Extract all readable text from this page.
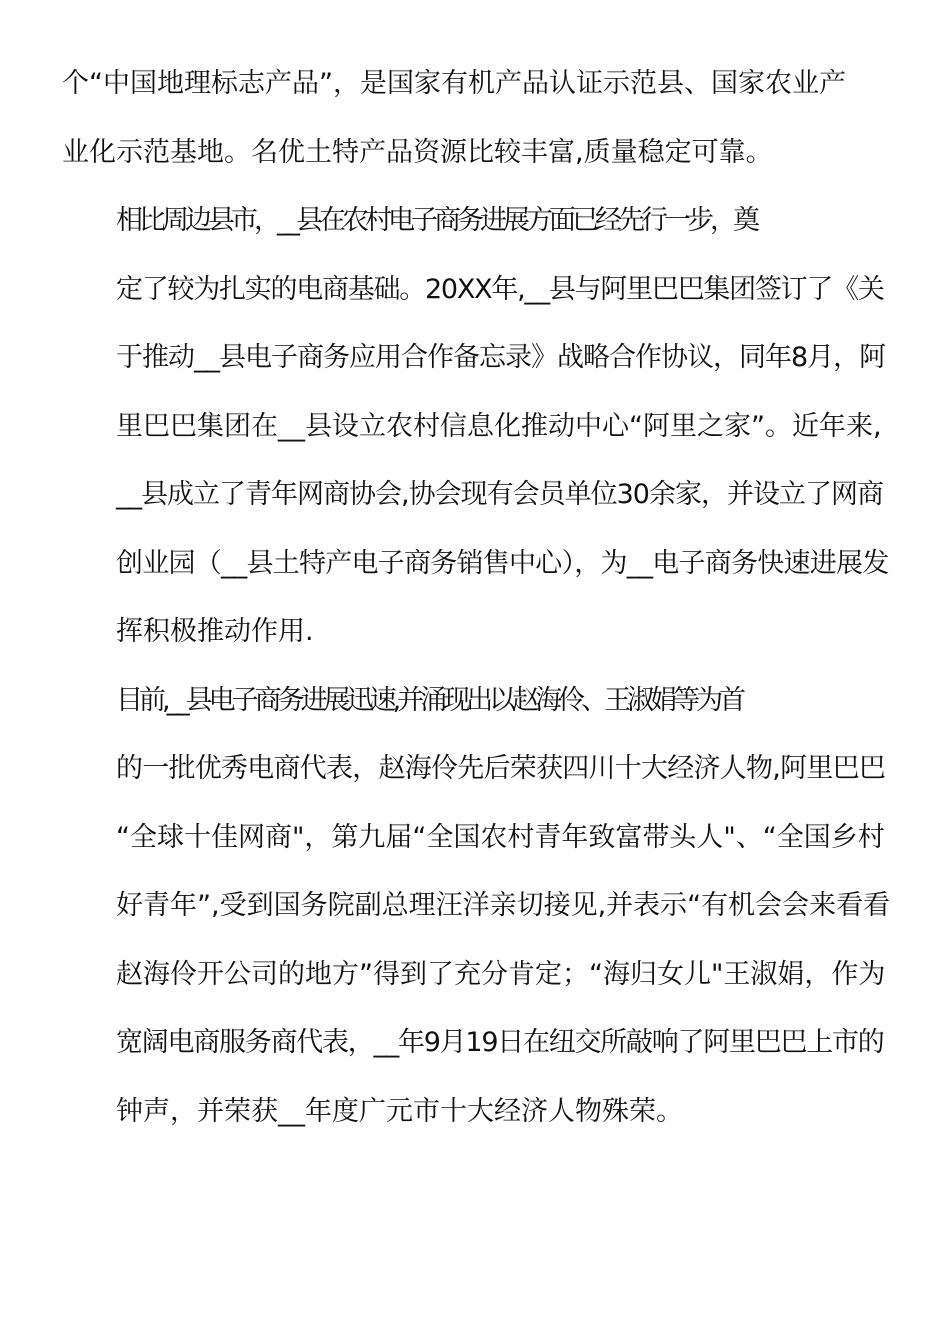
个“中国地理标志产品”，是国家有机产品认证示范县、国家农业产
业化示范基地。名优土特产品资源比较丰富,质量稳定可靠。

相比周边县市，__县在农村电子商务进展方面已经先行一步，奠
定了较为扎实的电商基础。20XX年,__县与阿里巴巴集团签订了《关
于推动__县电子商务应用合作备忘录》战略合作协议，同年8月，阿
里巴巴集团在__县设立农村信息化推动中心“阿里之家”。近年来,
__县成立了青年网商协会,协会现有会员单位30余家，并设立了网商
创业园（__县土特产电子商务销售中心），为__电子商务快速进展发
挥积极推动作用.

目前,__县电子商务进展迅速,并涌现出以赵海伶、王淑娟等为首
的一批优秀电商代表，赵海伶先后荣获四川十大经济人物,阿里巴巴
“全球十佳网商"，第九届“全国农村青年致富带头人"、“全国乡村
好青年”,受到国务院副总理汪洋亲切接见,并表示“有机会会来看看
赵海伶开公司的地方”得到了充分肯定；“海归女儿"王淑娟，作为
宽阔电商服务商代表，__年9月19日在纽交所敲响了阿里巴巴上市的
钟声，并荣获__年度广元市十大经济人物殊荣。
